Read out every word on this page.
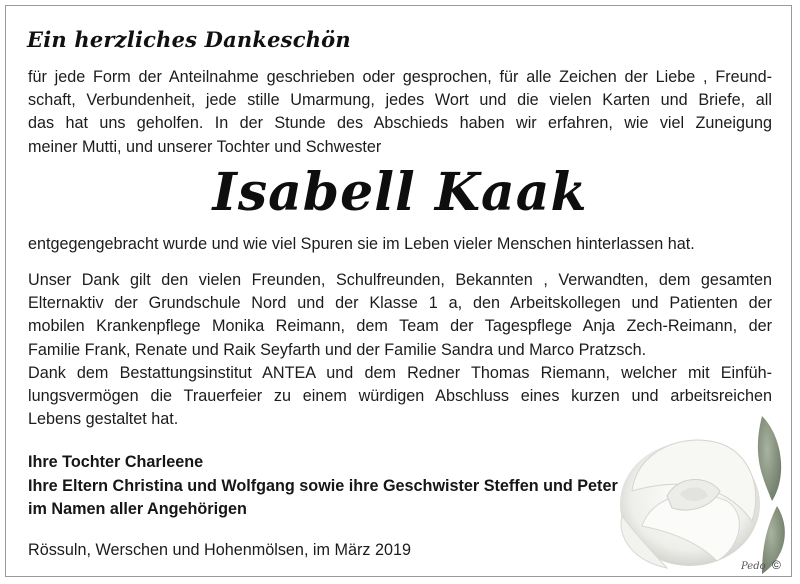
Ein herzliches Dankeschön
für jede Form der Anteilnahme geschrieben oder gesprochen, für alle Zeichen der Liebe , Freund-
schaft, Verbundenheit, jede stille Umarmung, jedes Wort und die vielen Karten und Briefe, all
das hat uns geholfen. In der Stunde des Abschieds haben wir erfahren, wie viel Zuneigung
meiner Mutti, und unserer Tochter und Schwester
Isabell Kaak
entgegengebracht wurde und wie viel Spuren sie im Leben vieler Menschen hinterlassen hat.
Unser Dank gilt den vielen Freunden, Schulfreunden, Bekannten , Verwandten, dem gesamten
Elternaktiv der Grundschule Nord und der Klasse 1 a, den Arbeitskollegen und Patienten der
mobilen Krankenpflege Monika Reimann, dem Team der Tagespflege Anja Zech-Reimann, der
Familie Frank, Renate und Raik Seyfarth und der Familie Sandra und Marco Pratzsch.
Dank dem Bestattungsinstitut ANTEA und dem Redner Thomas Riemann, welcher mit Einfüh-
lungsvermögen die Trauerfeier zu einem würdigen Abschluss eines kurzen und arbeitsreichen
Lebens gestaltet hat.
Ihre Tochter Charleene
Ihre Eltern Christina und Wolfgang sowie ihre Geschwister Steffen und Peter
im Namen aller Angehörigen
Rössuln, Werschen und Hohenmölsen, im März 2019
Pedo ©
